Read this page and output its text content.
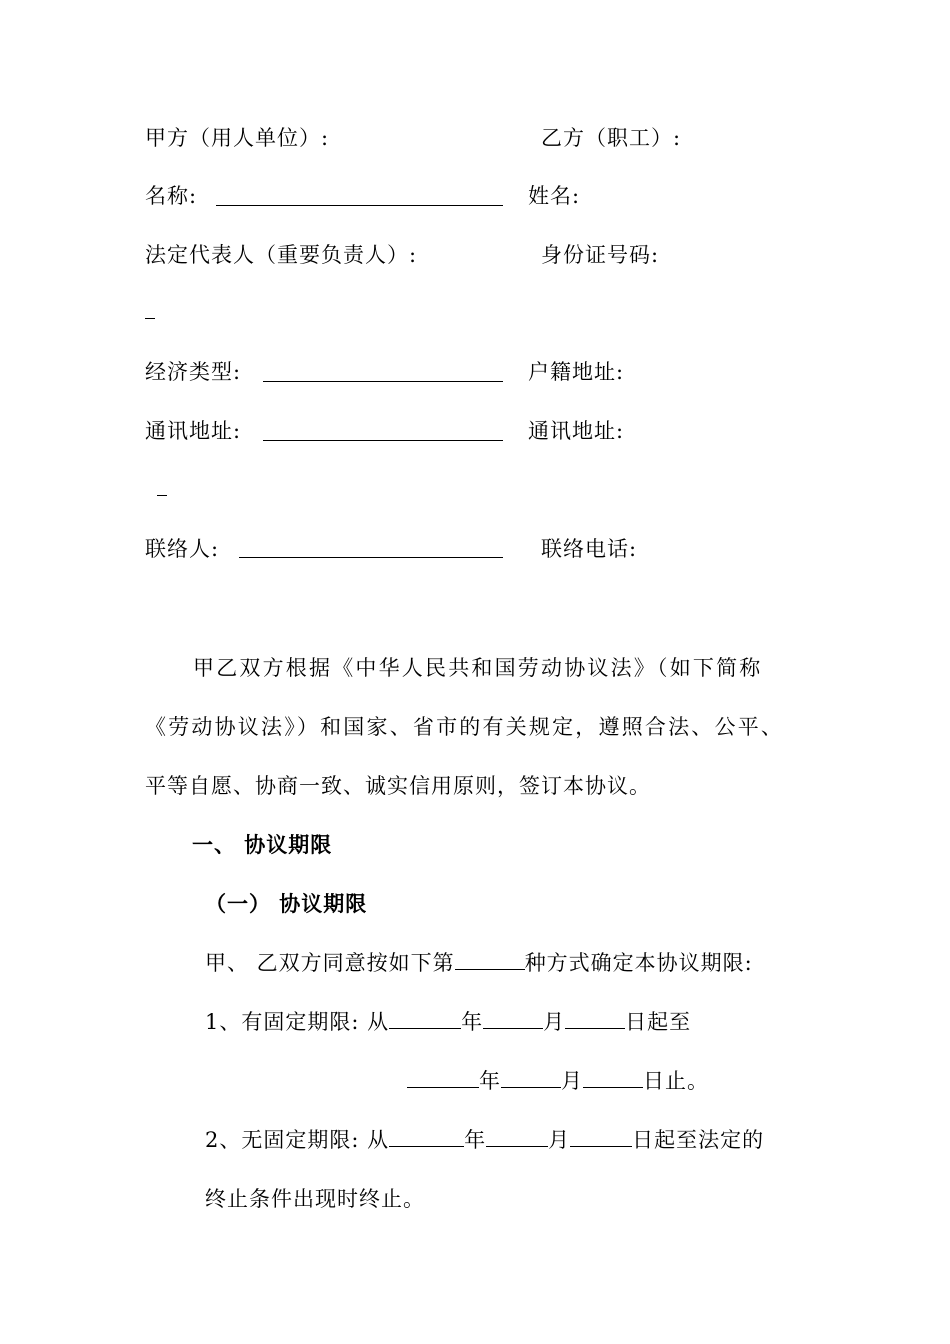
甲方（用人单位）:	乙方（职工）:
名称:	姓名:
法定代表人（重要负责人）:	身份证号码:
经济类型:	户籍地址:
通讯地址:	通讯地址:
联络人:	联络电话:
甲乙双方根据《中华人民共和国劳动协议法》（如下简称
《劳动协议法》）和国家、省市的有关规定，遵照合法、公平、
平等自愿、协商一致、诚实信用原则，签订本协议。
一、 协议期限
（一） 协议期限
甲、 乙双方同意按如下第	种方式确定本协议期限:
1、有固定期限: 从	年	月	日起至
年	月	日止。
2、无固定期限: 从	年	月	日起至法定的
终止条件出现时终止。
